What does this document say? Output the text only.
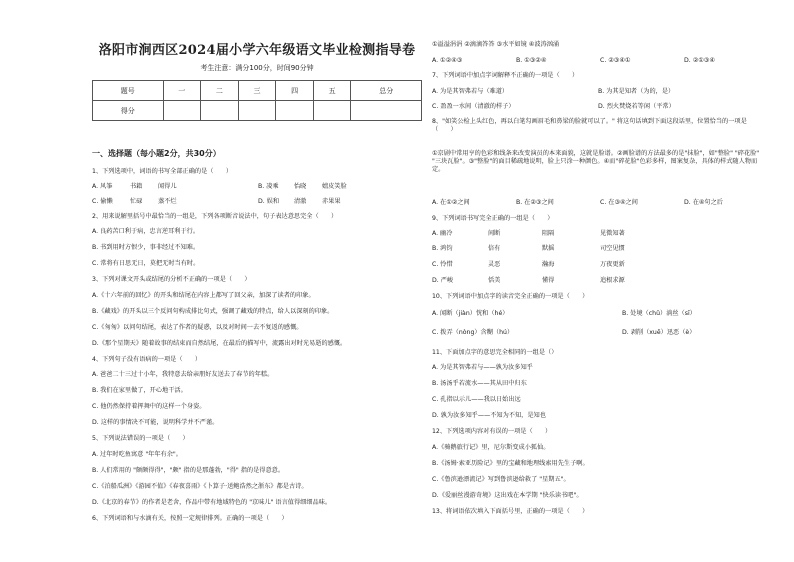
洛阳市涧西区2024届小学六年级语文毕业检测指导卷
考生注意：满分100分，时间90分钟
题号	一	二	三	四	五	总分
得分						
一、选择题（每小题2分，共30分）
1、下列选项中，词语的书写全部正确的是（　　）
A. 风筝	书籍	闻得儿	B. 凌乘 怡晓	嬉皮笑脸
C. 偷懒	忙碌	蒸不烂	D. 娱和 清澈	赤果果
2、用来说解里括号中最恰当的一组是，下列各项断音说法中，句子表达意思完全（　　）
A. 良药苦口利于病，忠言逆耳利于行。
B. 书到用时方恨少，事非经过不知难。
C. 常将有日思无日，莫把无时当有时。
3、下列对课文开头或结尾的分析不正确的一项是（　　）
A.《十六年前的回忆》的开头和结尾在内容上都写了回父亲，加深了读者的印象。
B.《藏戏》的开头以三个反问句构成排比句式，强调了藏戏的特点，给人以深刻的印象。
C.《匆匆》以问句结尾，表达了作者的疑惑，以及对时间一去不复返的感慨。
D.《那个星期天》随着故事的结束而自然结尾，在最后的描写中，流露出对时光易逝的感慨。
4、下列句子没有语病的一项是（　　）
A. 爸爸二十三过十小年，我特意去给亲朋好友送去了春节的年糕。
B. 我们在家里做了，开心地干活。
C. 他仍然保持着挥舞中的这样一个身姿。
D. 这样的事情决不可能，说明科学并不严谨。
5、下列说法错误的一项是（　　）
A. 过年时吃鱼寓意 "年年有余"。
B. 人们常用的 "颇颇得得"，"颇" 指的是那蓬勃，"得" 指的是得意意。
C.《泊船瓜洲》《游园不值》《春夜喜雨》《卜算子·送鲍浩然之浙东》都是古诗。
D.《北京的春节》的作者是老舍，作品中带有地域特色的 "京味儿" 语言值得细细品味。
6、下列词语和与水滴有关，按照一定规律排列。正确的一项是（　　）
①溢溢涓涓 ②滴滴答答 ③水平如镜 ④波涛汹涌
A. ①②④③	B. ①③②④	C. ②③④①	D. ②①③④
7、下列词语中加点字词解释不正确的一项是（　　）
A. 为是其智弗若与（难道）	B. 为其是知者（为的，是）
C. 盈盈一水间（清澈的样子）	D. 烈火焚烧若等闲（平常）
8、"如笑公检上头红色，再以白笔勾画眉毛和鼻梁的脸就可以了。" 将这句话填到下面这段话里，位置恰当的一项是（　　）
①京剧中常用亨的色彩和线条来改变演员的本来面貌，这就是脸谱。②画脸谱的方法最多的是"抹脸"，如"整脸" "碎花脸" "三块瓦脸"。③"整脸"的面目稀疏地说明，脸上只涂一种颜色。④而"碎花脸"色彩多样，图案复杂，具体的样式随人物而定。
A. 在①②之间	B. 在②③之间	C. 在③④之间	D. 在④句之后
9、下列词语书写完全正确的一组是（　　）
A. 幽冷	间断	阻隔	见微知著
B. 鸿钧	倍有	默摇	司空见惯
C. 怜惜	灵恶	瀚海	万夜更新
D. 严峻	恬美	懂得	追根求源
10、下列词语中加点字的读音完全正确的一项是（　　）
A. 闻断（jiàn）恍和（hé）	B. 处境（chǔ）淌丝（sī）
C. 拨弄（nòng）含糊（hú）	D. 剥削（xuē）迅恶（è）
11、下面加点字的意思完全相同的一组是（）
A. 为是其智弗若与——孰为汝多知乎
B. 汤汤乎若流水——其从田中归东
C. 孔指以示儿——我以日始出远
D. 孰为汝多知乎——不知为不知，是知也
12、下列选项内容对有误的一项是（　　）
A.《骑鹅旅行记》里，尼尔斯变成小狐仙。
B.《汤姆·索亚历险记》里的宝藏和地理线索用先生子啊。
C.《鲁滨逊漂流记》写到鲁滨逊给救了 "星期五"。
D.《爱丽丝漫游奇境》这出戏在本学期 "快乐读书吧"。
13、将词语依次填入下面括号里，正确的一项是（　　）
